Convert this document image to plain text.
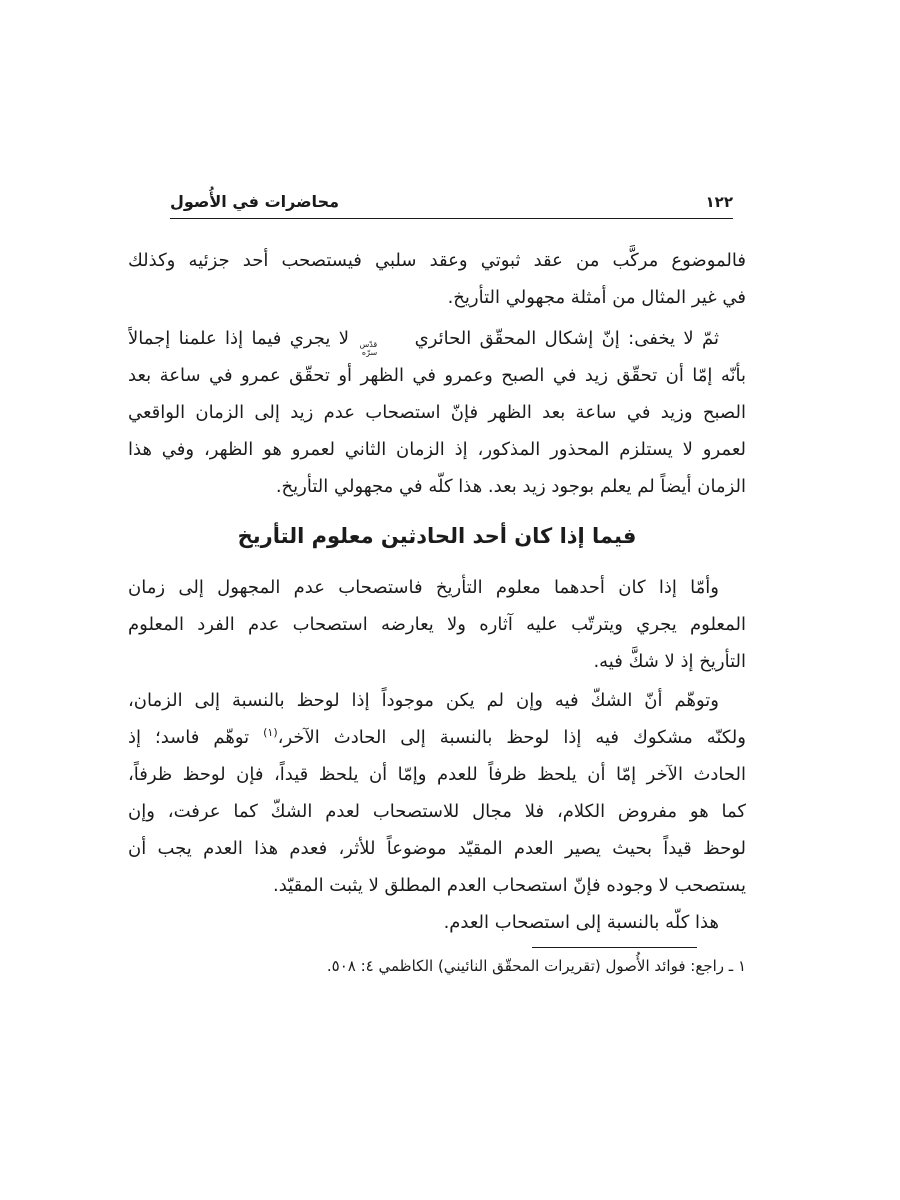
محاضرات في الأُصول	١٢٢
فالموضوع مركَّب من عقد ثبوتي وعقد سلبي فيستصحب أحد جزئيه وكذلك
في غير المثال من أمثلة مجهولي التأريخ.
ثمّ لا يخفى: إنّ إشكال المحقّق الحائري
قدّس
سرّه
لا يجري فيما إذا علمنا إجمالاً
بأنّه إمّا أن تحقّق زيد في الصبح وعمرو في الظهر أو تحقّق عمرو في ساعة بعد
الصبح وزيد في ساعة بعد الظهر فإنّ استصحاب عدم زيد إلى الزمان الواقعي
لعمرو لا يستلزم المحذور المذكور، إذ الزمان الثاني لعمرو هو الظهر، وفي هذا
الزمان أيضاً لم يعلم بوجود زيد بعد. هذا كلّه في مجهولي التأريخ.
فيما إذا كان أحد الحادثين معلوم التأريخ
وأمّا إذا كان أحدهما معلوم التأريخ فاستصحاب عدم المجهول إلى زمان
المعلوم يجري ويترتّب عليه آثاره ولا يعارضه استصحاب عدم الفرد المعلوم
التأريخ إذ لا شكَّ فيه.
وتوهّم أنّ الشكّ فيه وإن لم يكن موجوداً إذا لوحظ بالنسبة إلى الزمان،
ولكنّه مشكوك فيه إذا لوحظ بالنسبة إلى الحادث الآخر،$^{(١)}$ توهّم فاسد؛ إذ
الحادث الآخر إمّا أن يلحظ ظرفاً للعدم وإمّا أن يلحظ قيداً، فإن لوحظ ظرفاً،
كما هو مفروض الكلام، فلا مجال للاستصحاب لعدم الشكّ كما عرفت، وإن
لوحظ قيداً بحيث يصير العدم المقيّد موضوعاً للأثر، فعدم هذا العدم يجب أن
يستصحب لا وجوده فإنّ استصحاب العدم المطلق لا يثبت المقيّد.
هذا كلّه بالنسبة إلى استصحاب العدم.
١ ـ راجع: فوائد الأُصول (تقريرات المحقّق النائيني) الكاظمي ٤: ٥٠٨.
